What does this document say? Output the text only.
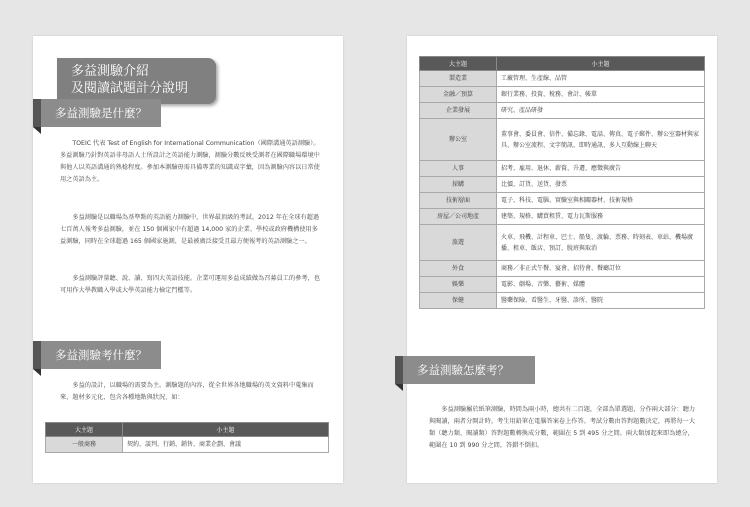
多益測驗介紹
及閱讀試題計分說明
多益測驗是什麼？

TOEIC 代表 Test of English for International Communication（國際溝通英語測驗）。多益測驗乃針對英語非母語人士所設計之英語能力測驗，測驗分數反映受測者在國際職場環境中與他人以英語溝通的熟稔程度。參加本測驗毋需具備專業的知識或字彙，因為測驗內容以日常使用之英語為主。

多益測驗是以職場為基準點的英語能力測驗中，世界最頂級的考試。2012 年在全球有超過七百萬人報考多益測驗，並在 150 個國家中有超過 14,000 家的企業、學校或政府機構使用多益測驗，同時在全球超過 165 個國家施測，是最被廣泛接受且最方便報考的英語測驗之一。

多益測驗評量聽、說、讀、寫四大英語技能。企業可運用多益成績做為召募員工的參考，也可用作大學教職入學或大學英語能力檢定門檻等。

多益測驗考什麼？

多益的設計，以職場的需要為主。測驗題的內容，從全世界各地職場的英文資料中蒐集而來，題材多元化，包含各種地點與狀況，如：

大主題	小主題
一般商務	契約、談判、行銷、銷售、商業企劃、會議
大主題	小主題
製造業	工廠管理、生產線、品管
金融／預算	銀行業務、投資、稅務、會計、帳單
企業發展	研究、產品研發
辦公室	董事會、委員會、信件、備忘錄、電話、傳真、電子郵件、辦公室器材與家具、辦公室流程、文字簡訊、即時通訊、多人互動線上聊天
人事	招考、雇用、退休、薪資、升遷、應徵與廣告
採購	比價、訂貨、送貨、發票
技術層面	電子、科技、電腦、實驗室與相關器材、技術規格
房屋／公司地產	建築、規格、購買租賃、電力瓦斯服務
旅遊	火車、飛機、計程車、巴士、船隻、渡輪、票務、時刻表、車站、機場廣播、租車、飯店、預訂、脫班與取消
外食	商務／非正式午餐、宴會、招待會、餐廳訂位
娛樂	電影、劇場、音樂、藝術、媒體
保健	醫藥保險、看醫生、牙醫、診所、醫院
多益測驗怎麼考？

多益測驗屬於紙筆測驗，時間為兩小時，總共有二百題，全部為單選題，分作兩大部分：聽力與閱讀，兩者分開計時。考生用鉛筆在電腦答案卷上作答。考試分數由答對題數決定，再將每一大類（聽力類、閱讀類）答對題數轉換成分數，範圍在 5 到 495 分之間。兩大類加起來即為總分，範圍在 10 到 990 分之間，答錯不倒扣。
